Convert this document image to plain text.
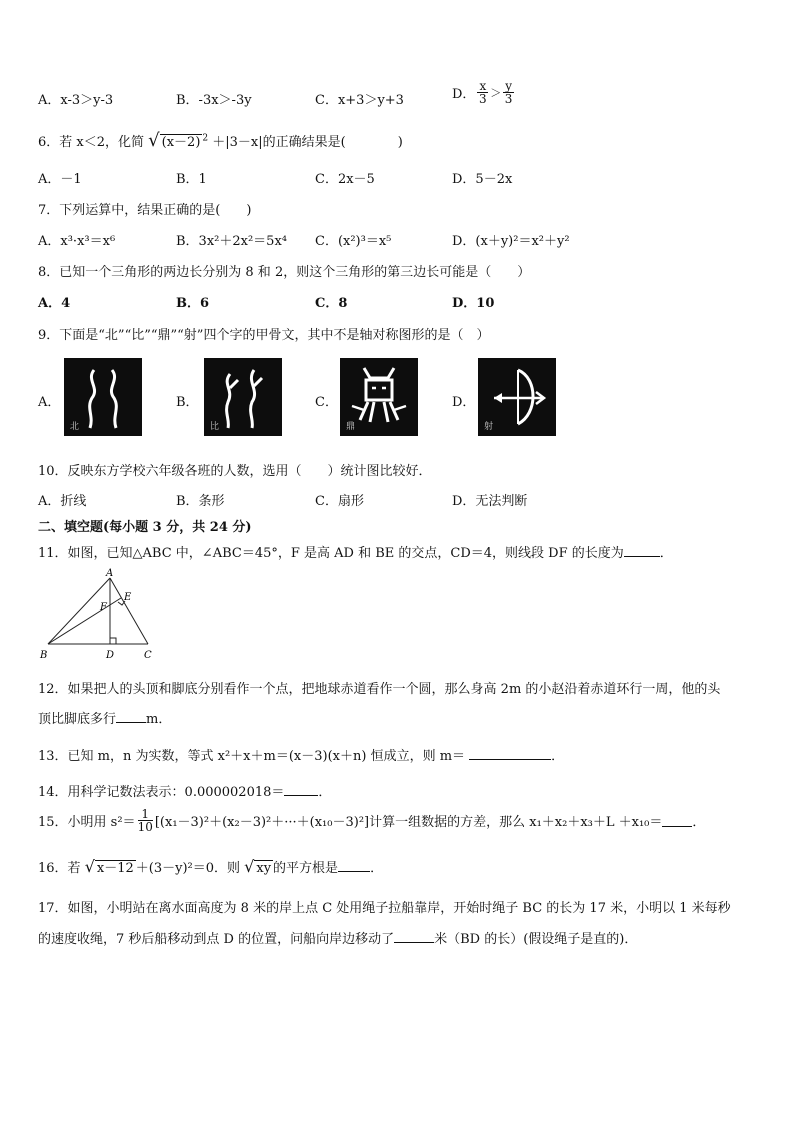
A．x-3＞y-3	B．-3x＞-3y	C．x+3＞y+3	D． $\frac{x}{3} > \frac{y}{3}$
6．若 x＜2，化简 √ (x－2) $^2$ ＋|3－x|的正确结果是(　　　　)
A．－1	B．1	C．2x－5	D．5－2x
7．下列运算中，结果正确的是(　　)
A．x³·x³＝x⁶	B．3x²＋2x²＝5x⁴ C．(x²)³＝x⁵	D．(x＋y)²＝x²＋y²
8．已知一个三角形的两边长分别为 8 和 2，则这个三角形的第三边长可能是（　　）
A．4	B．6	C．8	D．10
9．下面是“北”“比”“鼎”“射”四个字的甲骨文，其中不是轴对称图形的是（　）
A．
北
B．
比
C．
鼎
D．
射
10．反映东方学校六年级各班的人数，选用（　　）统计图比较好．
A．折线	B．条形	C．扇形	D．无法判断
二、填空题(每小题 3 分，共 24 分)
11．如图，已知△ABC 中，∠ABC＝45°，F 是高 AD 和 BE 的交点，CD＝4，则线段 DF 的长度为	．
A
B	C
D
E
F
12．如果把人的头顶和脚底分别看作一个点，把地球赤道看作一个圆，那么身高 2m 的小赵沿着赤道环行一周，他的头
顶比脚底多行 m．
13．已知 m，n 为实数，等式 x²＋x＋m＝(x－3)(x＋n) 恒成立，则 m＝	．
14．用科学记数法表示：0.000002018＝	．
15．小明用 $s^2= \frac{1}{10} [(x_1-3)^2+(x_2-3)^2+\cdot\cdot\cdot+(x_{10}-3)^2]$计算一组数据的方差，那么 x₁＋x₂＋x₃＋L ＋x₁₀＝ ．
16．若 √ x－12 ＋(3－y)²＝0．则 √ xy 的平方根是 ．
17．如图，小明站在离水面高度为 8 米的岸上点 C 处用绳子拉船靠岸，开始时绳子 BC 的长为 17 米，小明以 1 米每秒
的速度收绳，7 秒后船移动到点 D 的位置，问船向岸边移动了	米（BD 的长）(假设绳子是直的)．
